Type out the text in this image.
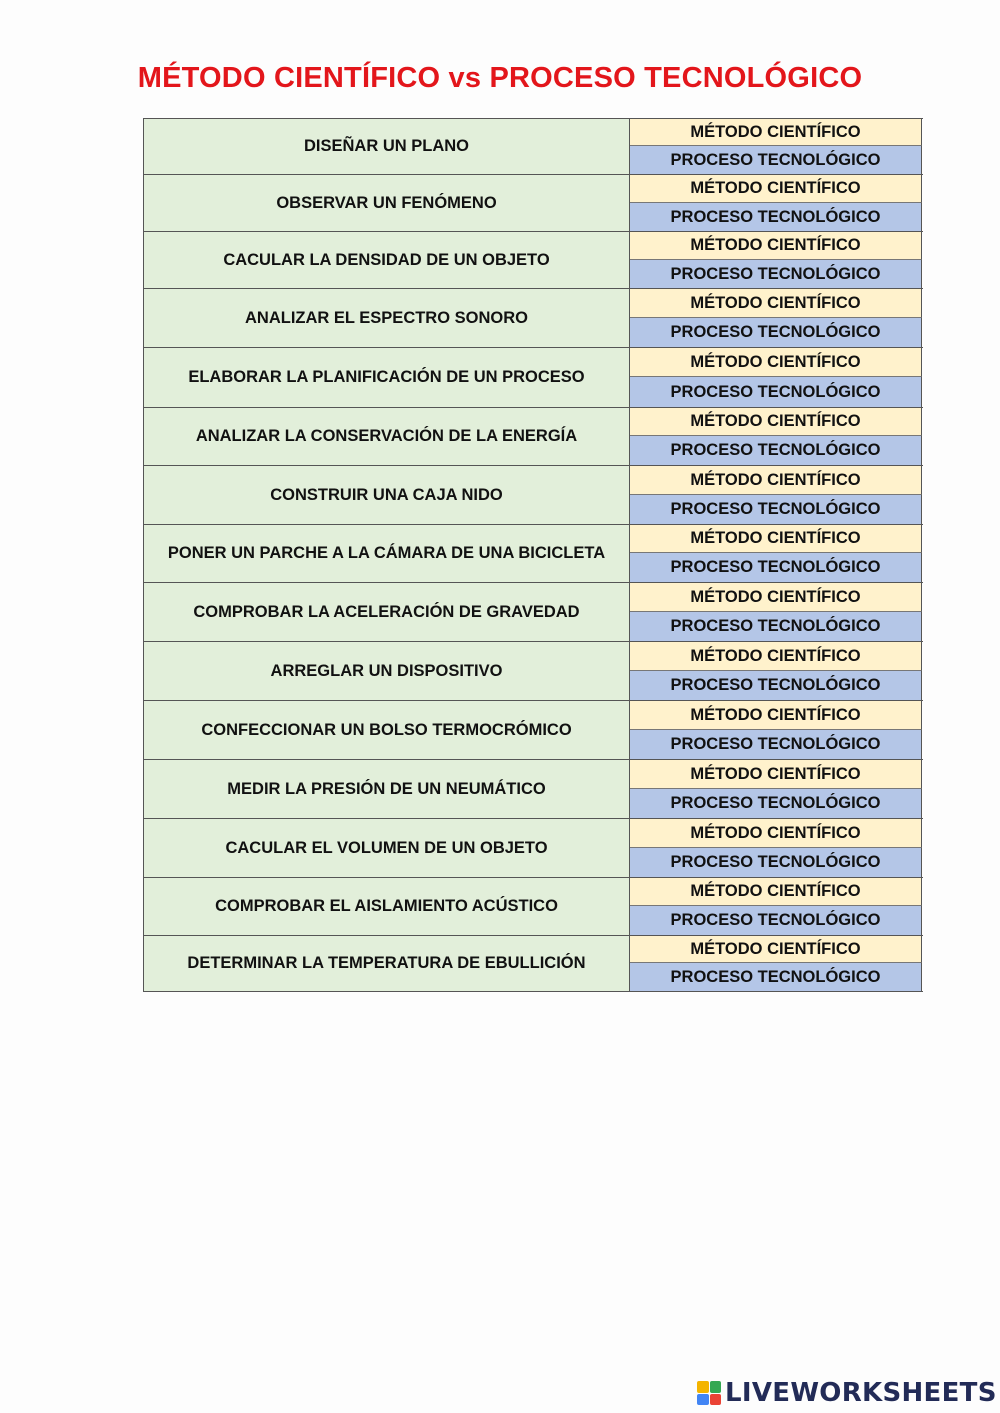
MÉTODO CIENTÍFICO vs PROCESO TECNOLÓGICO
DISEÑAR UN PLANO
MÉTODO CIENTÍFICO
PROCESO TECNOLÓGICO
OBSERVAR UN FENÓMENO
MÉTODO CIENTÍFICO
PROCESO TECNOLÓGICO
CACULAR LA DENSIDAD DE UN OBJETO
MÉTODO CIENTÍFICO
PROCESO TECNOLÓGICO
ANALIZAR EL ESPECTRO SONORO
MÉTODO CIENTÍFICO
PROCESO TECNOLÓGICO
ELABORAR LA PLANIFICACIÓN DE UN PROCESO
MÉTODO CIENTÍFICO
PROCESO TECNOLÓGICO
ANALIZAR LA CONSERVACIÓN DE LA ENERGÍA
MÉTODO CIENTÍFICO
PROCESO TECNOLÓGICO
CONSTRUIR UNA CAJA NIDO
MÉTODO CIENTÍFICO
PROCESO TECNOLÓGICO
PONER UN PARCHE A LA CÁMARA DE UNA BICICLETA
MÉTODO CIENTÍFICO
PROCESO TECNOLÓGICO
COMPROBAR LA ACELERACIÓN DE GRAVEDAD
MÉTODO CIENTÍFICO
PROCESO TECNOLÓGICO
ARREGLAR UN DISPOSITIVO
MÉTODO CIENTÍFICO
PROCESO TECNOLÓGICO
CONFECCIONAR UN BOLSO TERMOCRÓMICO
MÉTODO CIENTÍFICO
PROCESO TECNOLÓGICO
MEDIR LA PRESIÓN DE UN NEUMÁTICO
MÉTODO CIENTÍFICO
PROCESO TECNOLÓGICO
CACULAR EL VOLUMEN DE UN OBJETO
MÉTODO CIENTÍFICO
PROCESO TECNOLÓGICO
COMPROBAR EL AISLAMIENTO ACÚSTICO
MÉTODO CIENTÍFICO
PROCESO TECNOLÓGICO
DETERMINAR LA TEMPERATURA DE EBULLICIÓN
MÉTODO CIENTÍFICO
PROCESO TECNOLÓGICO
LIVEWORKSHEETS
